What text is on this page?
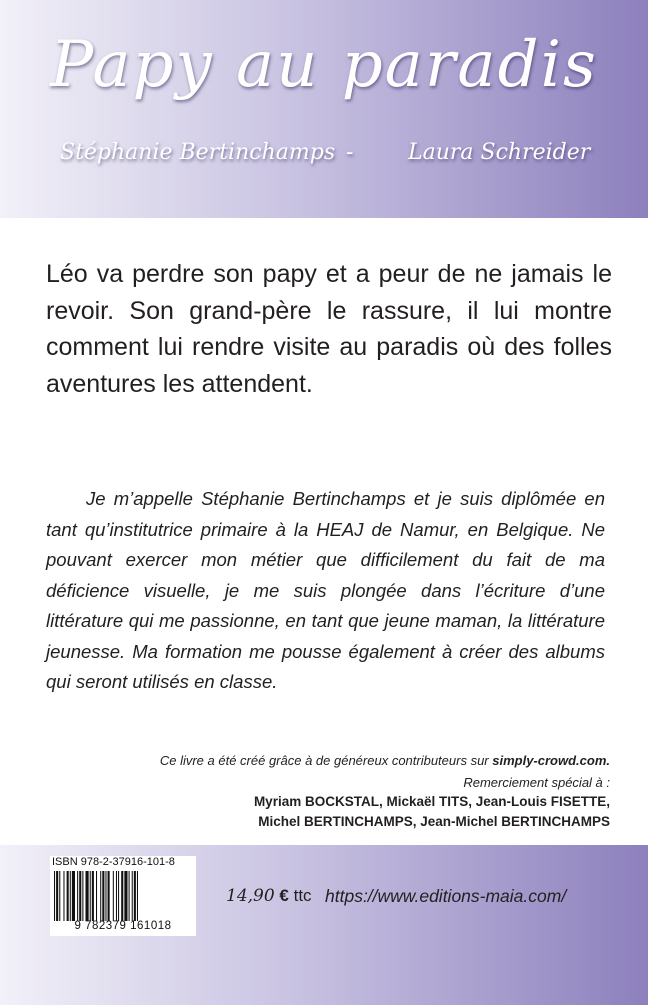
Papy au paradis
Stéphanie Bertinchamps - Laura Schreider

Léo va perdre son papy et a peur de ne jamais le revoir. Son grand-père le rassure, il lui montre comment lui rendre visite au paradis où des folles aventures les attendent.

Je m’appelle Stéphanie Bertinchamps et je suis diplômée en tant qu’institutrice primaire à la HEAJ de Namur, en Belgique. Ne pouvant exercer mon métier que difficilement du fait de ma déficience visuelle, je me suis plongée dans l’écriture d’une littérature qui me passionne, en tant que jeune maman, la littérature jeunesse. Ma formation me pousse également à créer des albums qui seront utilisés en classe.

Ce livre a été créé grâce à de généreux contributeurs sur simply-crowd.com.
Remerciement spécial à :
Myriam BOCKSTAL, Mickaël TITS, Jean-Louis FISETTE,
Michel BERTINCHAMPS, Jean-Michel BERTINCHAMPS
ISBN 978-2-37916-101-8
9 782379 161018
14,90 € ttc https://www.editions-maia.com/
